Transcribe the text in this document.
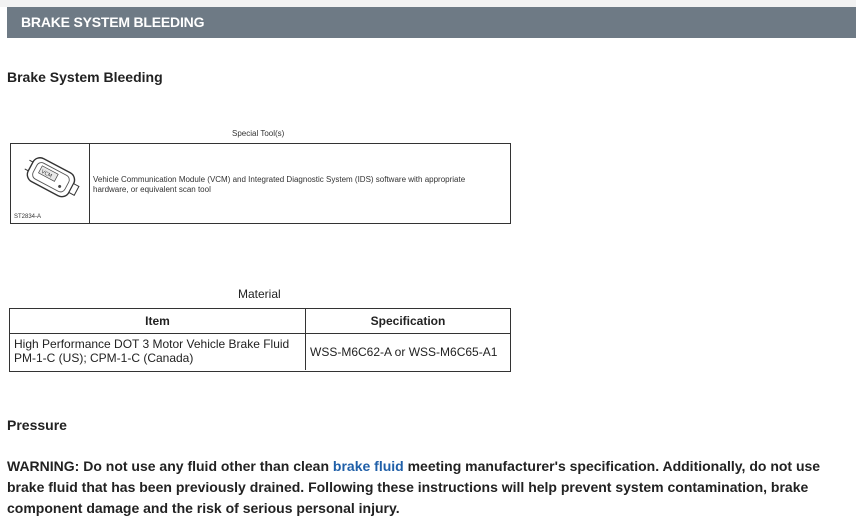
BRAKE SYSTEM BLEEDING
Brake System Bleeding
Special Tool(s)
VCM
ST2834-A
Vehicle Communication Module (VCM) and Integrated Diagnostic System (IDS) software with appropriate
hardware, or equivalent scan tool
Material
Item	Specification
High Performance DOT 3 Motor Vehicle Brake Fluid
PM-1-C (US); CPM-1-C (Canada)	WSS-M6C62-A or WSS-M6C65-A1
Pressure
WARNING: Do not use any fluid other than clean brake fluid meeting manufacturer's specification. Additionally, do not use brake fluid that has been previously drained. Following these instructions will help prevent system contamination, brake component damage and the risk of serious personal injury.
